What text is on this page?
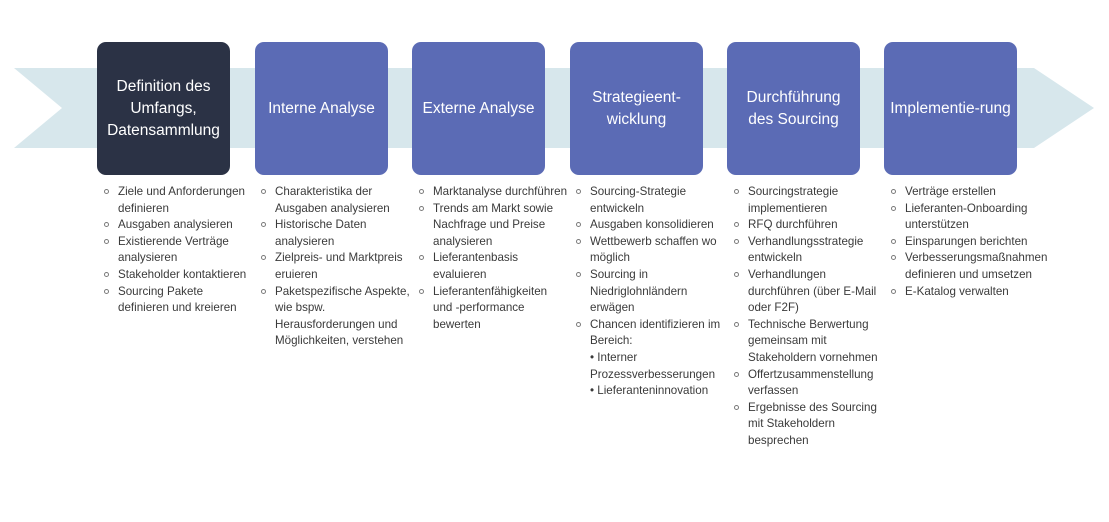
Definition des Umfangs, Datensammlung
Interne Analyse	Externe Analyse
Strategieent-wicklung
Durchführung des Sourcing
Implementie-rung
Ziele und Anforderungen definieren
Ausgaben analysieren
Existierende Verträge analysieren
Stakeholder kontaktieren
Sourcing Pakete definieren und kreieren
Charakteristika der Ausgaben analysieren
Historische Daten analysieren
Zielpreis- und Marktpreis eruieren
Paketspezifische Aspekte, wie bspw. Herausforderungen und Möglichkeiten, verstehen
Marktanalyse durchführen
Trends am Markt sowie Nachfrage und Preise analysieren
Lieferantenbasis evaluieren
Lieferantenfähigkeiten und -performance bewerten
Sourcing-Strategie entwickeln
Ausgaben konsolidieren
Wettbewerb schaffen wo möglich
Sourcing in Niedriglohnländern erwägen
Chancen identifizieren im Bereich:
• Interner Prozessverbesserungen
• Lieferanteninnovation
Sourcingstrategie implementieren
RFQ durchführen
Verhandlungsstrategie entwickeln
Verhandlungen durchführen (über E-Mail oder F2F)
Technische Berwertung gemeinsam mit Stakeholdern vornehmen
Offertzusammenstellung verfassen
Ergebnisse des Sourcing mit Stakeholdern besprechen
Verträge erstellen
Lieferanten-Onboarding unterstützen
Einsparungen berichten
Verbesserungsmaßnahmen definieren und umsetzen
E-Katalog verwalten
